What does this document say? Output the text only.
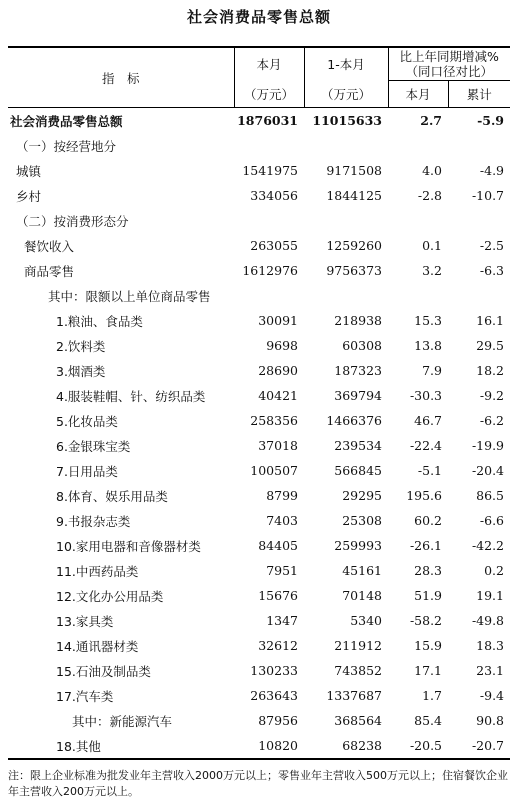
社会消费品零售总额
指　标	本月	1-本月	比上年同期增减%
（同口径对比）	

	（万元）	（万元）	本月	累计
社会消费品零售总额	1876031	11015633	2.7	-5.9
（一）按经营地分				
城镇	1541975	9171508	4.0	-4.9
乡村	334056	1844125	-2.8	-10.7
（二）按消费形态分				
餐饮收入	263055	1259260	0.1	-2.5
商品零售	1612976	9756373	3.2	-6.3
其中：限额以上单位商品零售				
1.粮油、食品类	30091	218938	15.3	16.1
2.饮料类	9698	60308	13.8	29.5
3.烟酒类	28690	187323	7.9	18.2
4.服装鞋帽、针、纺织品类	40421	369794	-30.3	-9.2
5.化妆品类	258356	1466376	46.7	-6.2
6.金银珠宝类	37018	239534	-22.4	-19.9
7.日用品类	100507	566845	-5.1	-20.4
8.体育、娱乐用品类	8799	29295	195.6	86.5
9.书报杂志类	7403	25308	60.2	-6.6
10.家用电器和音像器材类	84405	259993	-26.1	-42.2
11.中西药品类	7951	45161	28.3	0.2
12.文化办公用品类	15676	70148	51.9	19.1
13.家具类	1347	5340	-58.2	-49.8
14.通讯器材类	32612	211912	15.9	18.3
15.石油及制品类	130233	743852	17.1	23.1
17.汽车类	263643	1337687	1.7	-9.4
其中：新能源汽车	87956	368564	85.4	90.8
18.其他	10820	68238	-20.5	-20.7
注：限上企业标准为批发业年主营收入2000万元以上；零售业年主营收入500万元以上；住宿餐饮企业年主营收入200万元以上。
